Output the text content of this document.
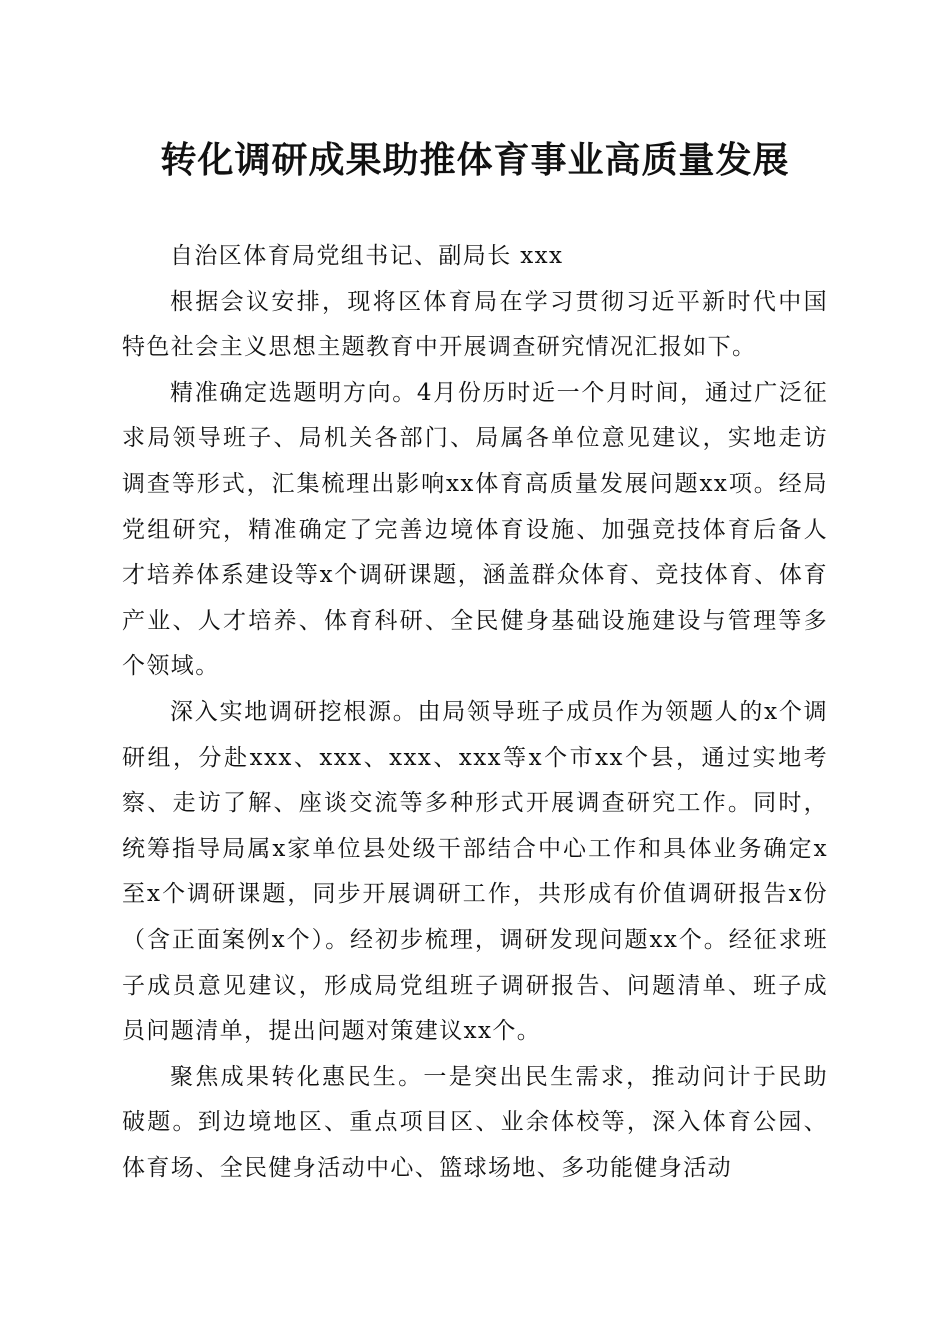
转化调研成果助推体育事业高质量发展

自治区体育局党组书记、副局长 xxx

根据会议安排，现将区体育局在学习贯彻习近平新时代中国特色社会主义思想主题教育中开展调查研究情况汇报如下。

精准确定选题明方向。4月份历时近一个月时间，通过广泛征求局领导班子、局机关各部门、局属各单位意见建议，实地走访调查等形式，汇集梳理出影响xx体育高质量发展问题xx项。经局党组研究，精准确定了完善边境体育设施、加强竞技体育后备人才培养体系建设等x个调研课题，涵盖群众体育、竞技体育、体育产业、人才培养、体育科研、全民健身基础设施建设与管理等多个领域。

深入实地调研挖根源。由局领导班子成员作为领题人的x个调研组，分赴xxx、xxx、xxx、xxx等x个市xx个县，通过实地考察、走访了解、座谈交流等多种形式开展调查研究工作。同时，统筹指导局属x家单位县处级干部结合中心工作和具体业务确定x至x个调研课题，同步开展调研工作，共形成有价值调研报告x份（含正面案例x个）。经初步梳理，调研发现问题xx个。经征求班子成员意见建议，形成局党组班子调研报告、问题清单、班子成员问题清单，提出问题对策建议xx个。

聚焦成果转化惠民生。一是突出民生需求，推动问计于民助破题。到边境地区、重点项目区、业余体校等，深入体育公园、体育场、全民健身活动中心、篮球场地、多功能健身活动
